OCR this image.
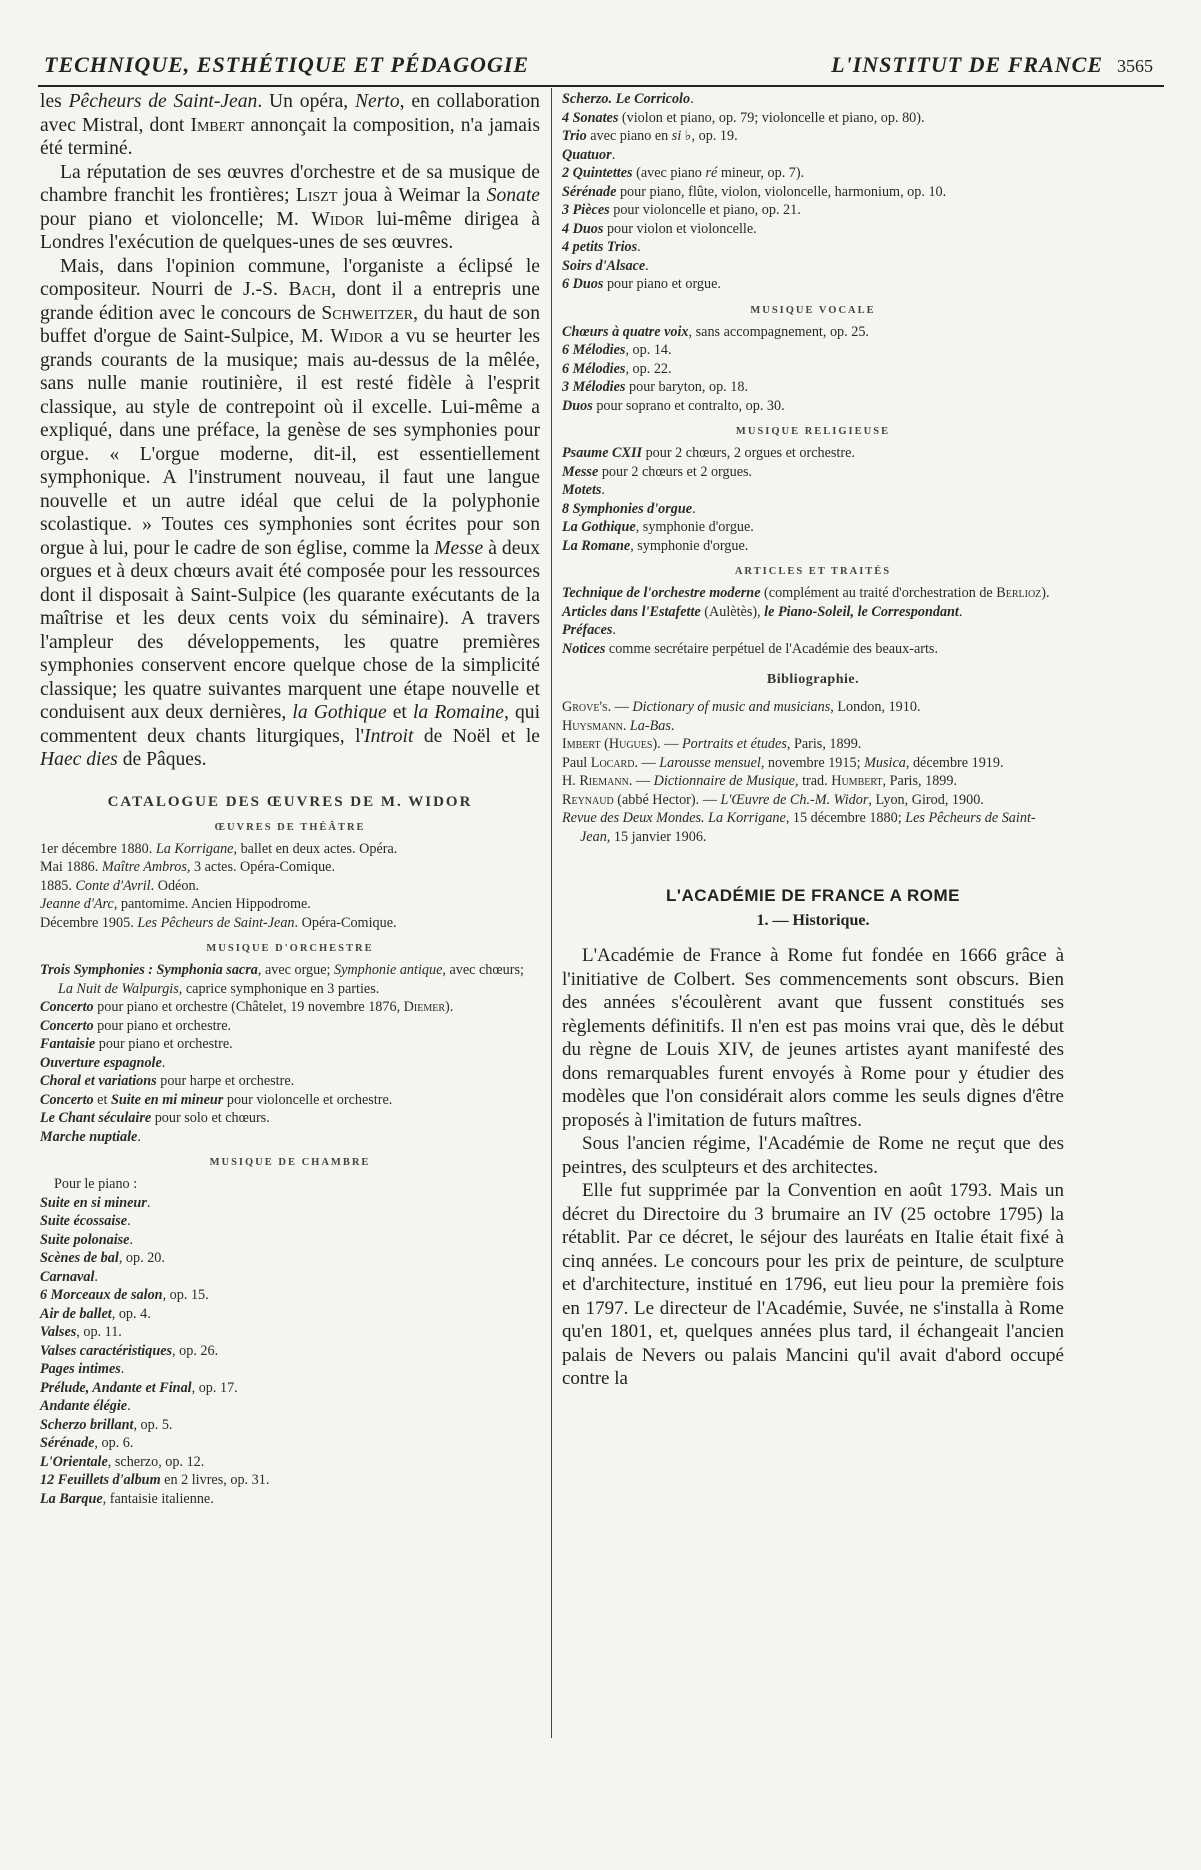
TECHNIQUE, ESTHÉTIQUE ET PÉDAGOGIE	L'INSTITUT DE FRANCE 3565

les Pêcheurs de Saint-Jean. Un opéra, Nerto, en collaboration avec Mistral, dont Imbert annonçait la composition, n'a jamais été terminé.

La réputation de ses œuvres d'orchestre et de sa musique de chambre franchit les frontières; Liszt joua à Weimar la Sonate pour piano et violoncelle; M. Widor lui-même dirigea à Londres l'exécution de quelques-unes de ses œuvres.

Mais, dans l'opinion commune, l'organiste a éclipsé le compositeur. Nourri de J.-S. Bach, dont il a entrepris une grande édition avec le concours de Schweitzer, du haut de son buffet d'orgue de Saint-Sulpice, M. Widor a vu se heurter les grands courants de la musique; mais au-dessus de la mêlée, sans nulle manie routinière, il est resté fidèle à l'esprit classique, au style de contrepoint où il excelle. Lui-même a expliqué, dans une préface, la genèse de ses symphonies pour orgue. « L'orgue moderne, dit-il, est essentiellement symphonique. A l'instrument nouveau, il faut une langue nouvelle et un autre idéal que celui de la polyphonie scolastique. » Toutes ces symphonies sont écrites pour son orgue à lui, pour le cadre de son église, comme la Messe à deux orgues et à deux chœurs avait été composée pour les ressources dont il disposait à Saint-Sulpice (les quarante exécutants de la maîtrise et les deux cents voix du séminaire). A travers l'ampleur des développements, les quatre premières symphonies conservent encore quelque chose de la simplicité classique; les quatre suivantes marquent une étape nouvelle et conduisent aux deux dernières, la Gothique et la Romaine, qui commentent deux chants liturgiques, l'Introit de Noël et le Haec dies de Pâques.

CATALOGUE DES ŒUVRES DE M. WIDOR
ŒUVRES DE THÉÂTRE

1er décembre 1880. La Korrigane, ballet en deux actes. Opéra.

Mai 1886. Maître Ambros, 3 actes. Opéra-Comique.

1885. Conte d'Avril. Odéon.

Jeanne d'Arc, pantomime. Ancien Hippodrome.

Décembre 1905. Les Pêcheurs de Saint-Jean. Opéra-Comique.

MUSIQUE D'ORCHESTRE

Trois Symphonies : Symphonia sacra, avec orgue; Symphonie antique, avec chœurs; La Nuit de Walpurgis, caprice symphonique en 3 parties.

Concerto pour piano et orchestre (Châtelet, 19 novembre 1876, Diemer).

Concerto pour piano et orchestre.

Fantaisie pour piano et orchestre.

Ouverture espagnole.

Choral et variations pour harpe et orchestre.

Concerto et Suite en mi mineur pour violoncelle et orchestre.

Le Chant séculaire pour solo et chœurs.

Marche nuptiale.

MUSIQUE DE CHAMBRE

Pour le piano :

Suite en si mineur.

Suite écossaise.

Suite polonaise.

Scènes de bal, op. 20.

Carnaval.

6 Morceaux de salon, op. 15.

Air de ballet, op. 4.

Valses, op. 11.

Valses caractéristiques, op. 26.

Pages intimes.

Prélude, Andante et Final, op. 17.

Andante élégie.

Scherzo brillant, op. 5.

Sérénade, op. 6.

L'Orientale, scherzo, op. 12.

12 Feuillets d'album en 2 livres, op. 31.

La Barque, fantaisie italienne.

Scherzo. Le Corricolo.

4 Sonates (violon et piano, op. 79; violoncelle et piano, op. 80).

Trio avec piano en si ♭, op. 19.

Quatuor.

2 Quintettes (avec piano ré mineur, op. 7).

Sérénade pour piano, flûte, violon, violoncelle, harmonium, op. 10.

3 Pièces pour violoncelle et piano, op. 21.

4 Duos pour violon et violoncelle.

4 petits Trios.

Soirs d'Alsace.

6 Duos pour piano et orgue.

MUSIQUE VOCALE

Chœurs à quatre voix, sans accompagnement, op. 25.

6 Mélodies, op. 14.

6 Mélodies, op. 22.

3 Mélodies pour baryton, op. 18.

Duos pour soprano et contralto, op. 30.

MUSIQUE RELIGIEUSE

Psaume CXII pour 2 chœurs, 2 orgues et orchestre.

Messe pour 2 chœurs et 2 orgues.

Motets.

8 Symphonies d'orgue.

La Gothique, symphonie d'orgue.

La Romane, symphonie d'orgue.

ARTICLES ET TRAITÉS

Technique de l'orchestre moderne (complément au traité d'orchestration de Berlioz).

Articles dans l'Estafette (Aulètès), le Piano-Soleil, le Correspondant.

Préfaces.

Notices comme secrétaire perpétuel de l'Académie des beaux-arts.

Bibliographie.

Grove's. — Dictionary of music and musicians, London, 1910.

Huysmann. La-Bas.

Imbert (Hugues). — Portraits et études, Paris, 1899.

Paul Locard. — Larousse mensuel, novembre 1915; Musica, décembre 1919.

H. Riemann. — Dictionnaire de Musique, trad. Humbert, Paris, 1899.

Reynaud (abbé Hector). — L'Œuvre de Ch.-M. Widor, Lyon, Girod, 1900.

Revue des Deux Mondes. La Korrigane, 15 décembre 1880; Les Pêcheurs de Saint-Jean, 15 janvier 1906.

L'ACADÉMIE DE FRANCE A ROME
1. — Historique.

L'Académie de France à Rome fut fondée en 1666 grâce à l'initiative de Colbert. Ses commencements sont obscurs. Bien des années s'écoulèrent avant que fussent constitués ses règlements définitifs. Il n'en est pas moins vrai que, dès le début du règne de Louis XIV, de jeunes artistes ayant manifesté des dons remarquables furent envoyés à Rome pour y étudier des modèles que l'on considérait alors comme les seuls dignes d'être proposés à l'imitation de futurs maîtres.

Sous l'ancien régime, l'Académie de Rome ne reçut que des peintres, des sculpteurs et des architectes.

Elle fut supprimée par la Convention en août 1793. Mais un décret du Directoire du 3 brumaire an IV (25 octobre 1795) la rétablit. Par ce décret, le séjour des lauréats en Italie était fixé à cinq années. Le concours pour les prix de peinture, de sculpture et d'architecture, institué en 1796, eut lieu pour la première fois en 1797. Le directeur de l'Académie, Suvée, ne s'installa à Rome qu'en 1801, et, quelques années plus tard, il échangeait l'ancien palais de Nevers ou palais Mancini qu'il avait d'abord occupé contre la
